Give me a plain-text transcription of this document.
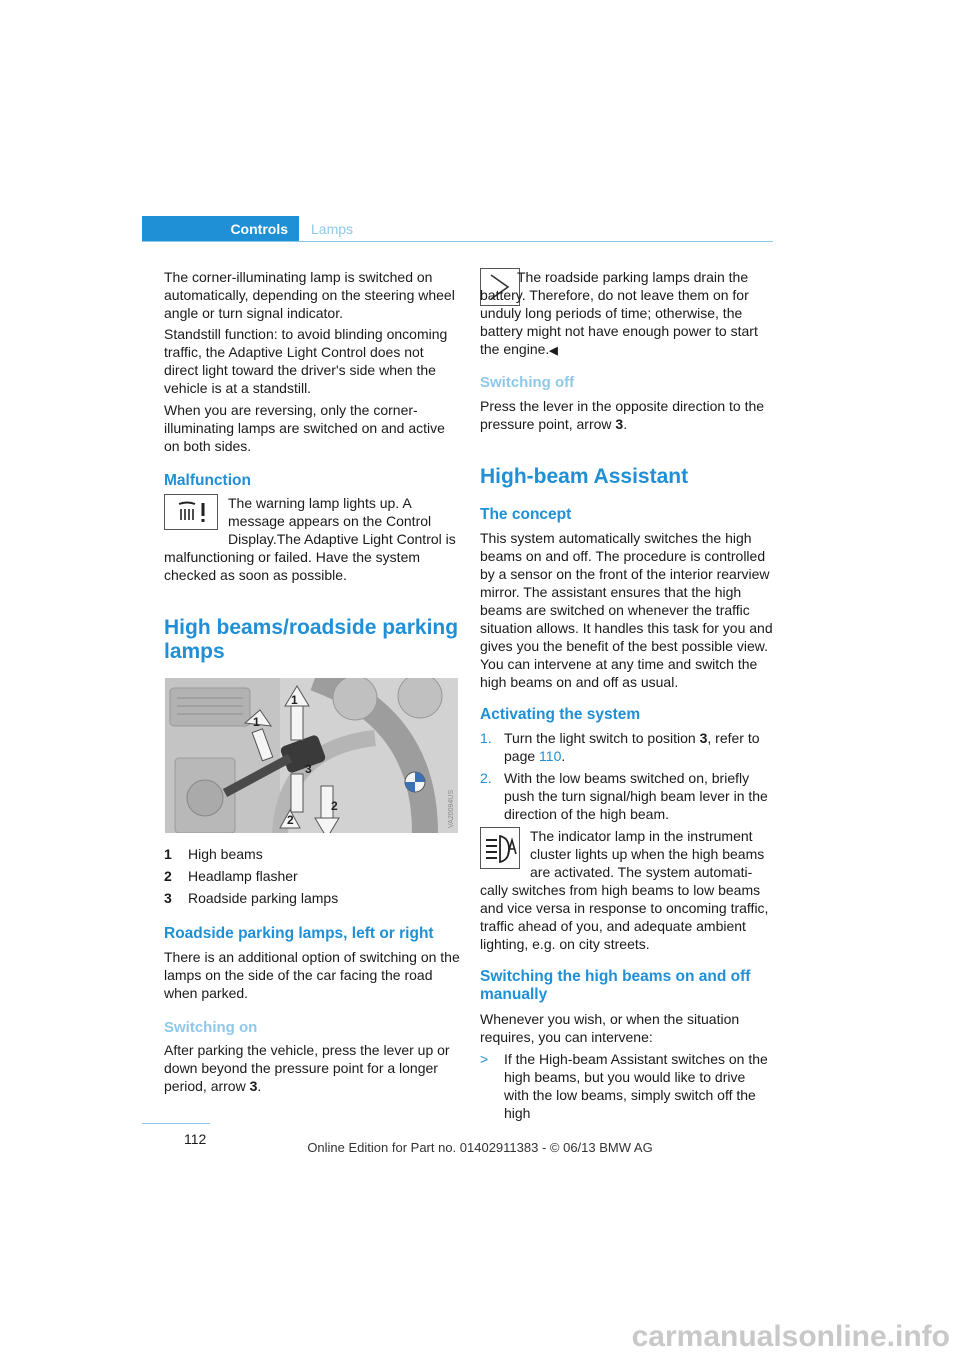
Controls	Lamps

The corner-illuminating lamp is switched on automatically, depending on the steering wheel angle or turn signal indicator.

Standstill function: to avoid blinding oncoming traffic, the Adaptive Light Control does not direct light toward the driver's side when the vehicle is at a standstill.

When you are reversing, only the corner-illuminating lamps are switched on and active on both sides.

Malfunction

The warning lamp lights up. A message appears on the Control Display.The Adaptive Light Control is

malfunctioning or failed. Have the system checked as soon as possible.

High beams/roadside parking
lamps
1
2
3
2
1
VA20094US
1 High beams
2 Headlamp flasher
3 Roadside parking lamps
Roadside parking lamps, left or right

There is an additional option of switching on the lamps on the side of the car facing the road when parked.

Switching on

After parking the vehicle, press the lever up or down beyond the pressure point for a longer period, arrow 3.

The roadside parking lamps drain the battery. Therefore, do not leave them on for unduly long periods of time; otherwise, the battery might not have enough power to start the engine.◀

Switching off

Press the lever in the opposite direction to the pressure point, arrow 3.

High-beam Assistant
The concept

This system automatically switches the high beams on and off. The procedure is controlled by a sensor on the front of the interior rearview mirror. The assistant ensures that the high beams are switched on whenever the traffic situation allows. It handles this task for you and gives you the benefit of the best possible view. You can intervene at any time and switch the high beams on and off as usual.

Activating the system
1. Turn the light switch to position 3, refer to page 110.
2. With the low beams switched on, briefly push the turn signal/high beam lever in the direction of the high beam.

The indicator lamp in the instrument cluster lights up when the high beams are activated. The system automati-

cally switches from high beams to low beams and vice versa in response to oncoming traffic, traffic ahead of you, and adequate ambient lighting, e.g. on city streets.

Switching the high beams on and off
manually

Whenever you wish, or when the situation requires, you can intervene:

> If the High-beam Assistant switches on the high beams, but you would like to drive with the low beams, simply switch off the high
112
Online Edition for Part no. 01402911383 - © 06/13 BMW AG
carmanualsonline.info
